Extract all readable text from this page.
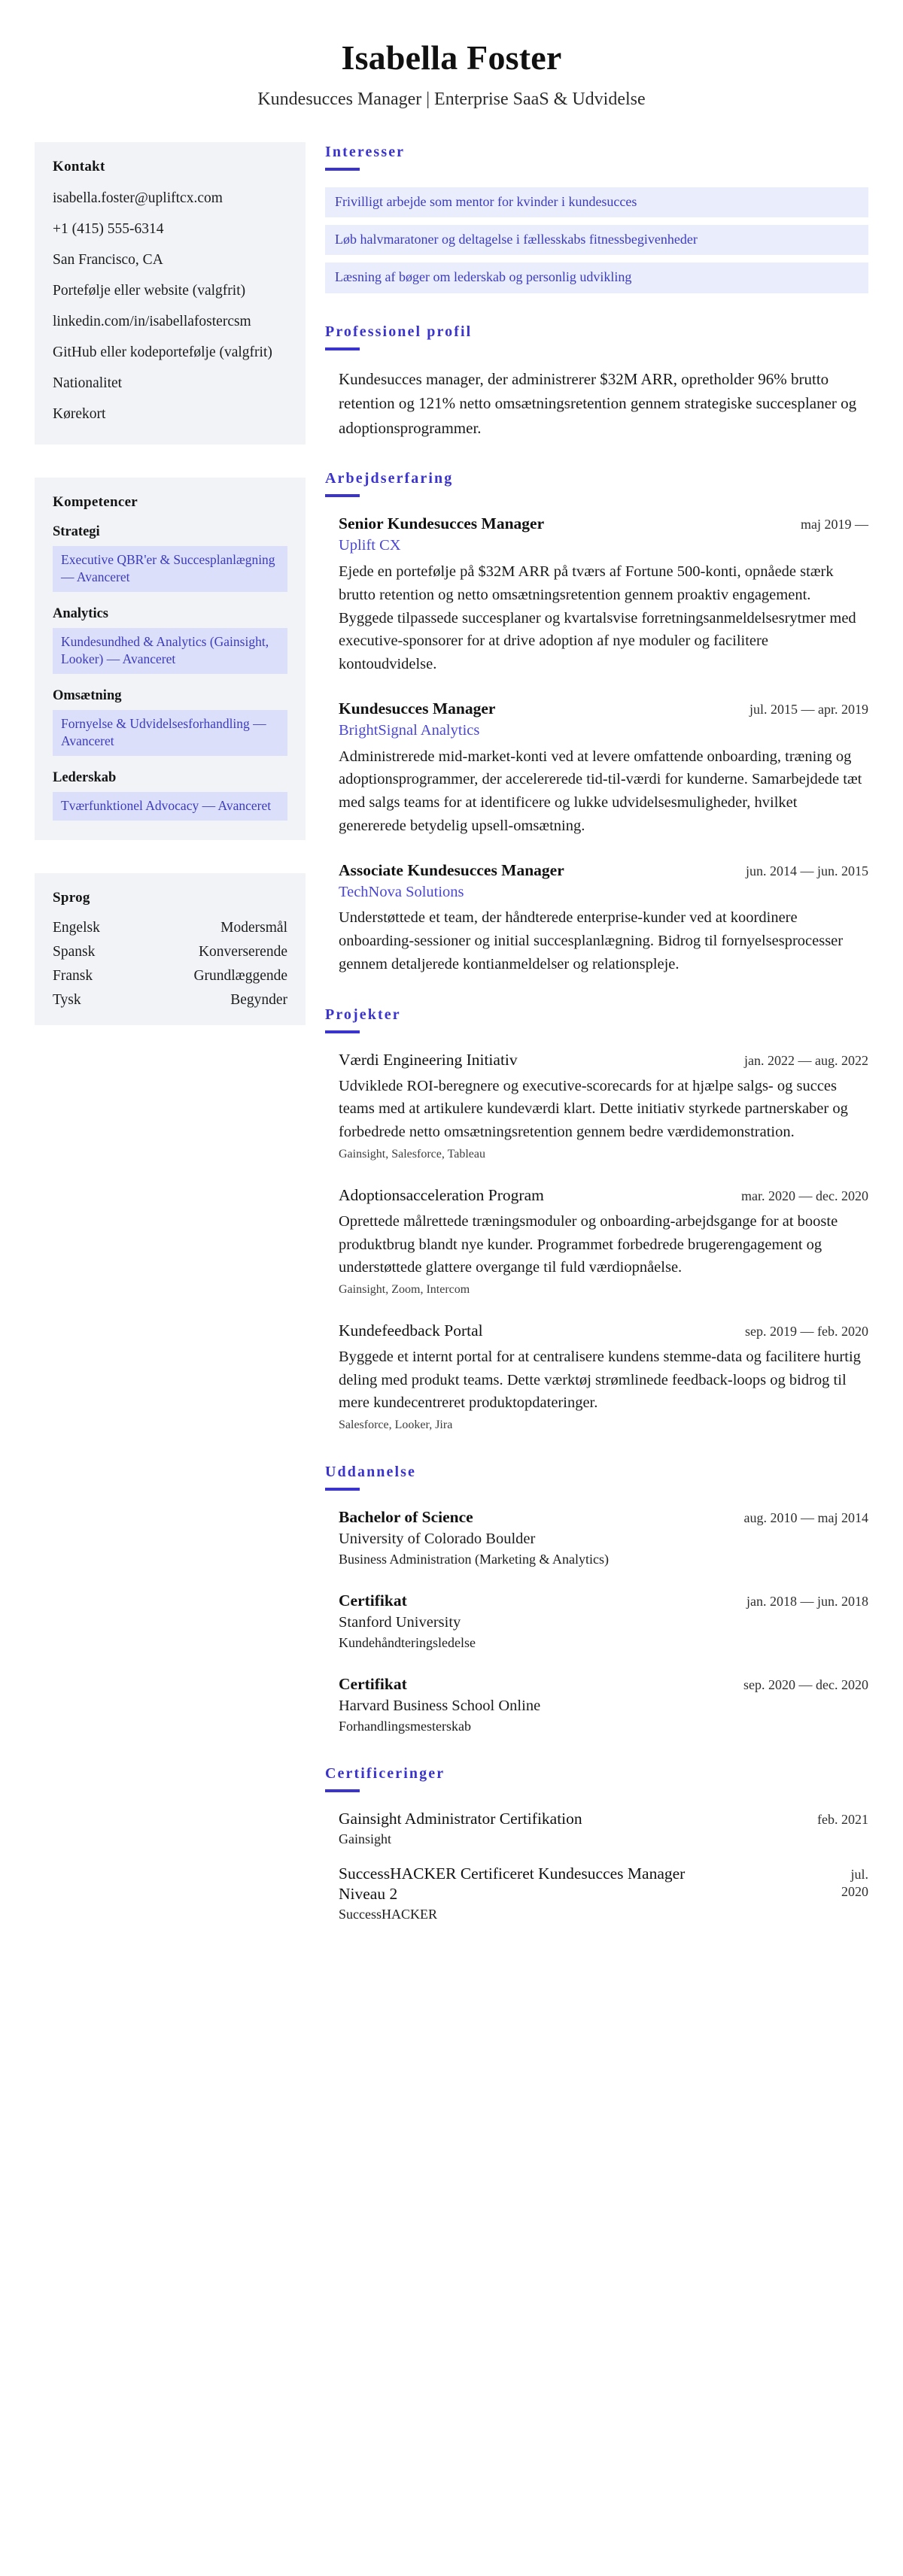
Isabella Foster
Kundesucces Manager | Enterprise SaaS & Udvidelse
Kontakt
isabella.foster@upliftcx.com
+1 (415) 555-6314
San Francisco, CA
Portefølje eller website (valgfrit)
linkedin.com/in/isabellafostercsm
GitHub eller kodeportefølje (valgfrit)
Nationalitet
Kørekort
Kompetencer
Strategi
Executive QBR'er & Succesplanlægning — Avanceret
Analytics
Kundesundhed & Analytics (Gainsight, Looker) — Avanceret
Omsætning
Fornyelse & Udvidelsesforhandling — Avanceret
Lederskab
Tværfunktionel Advocacy — Avanceret
Sprog
Engelsk	Modersmål
Spansk	Konverserende
Fransk	Grundlæggende
Tysk	Begynder
Interesser
Frivilligt arbejde som mentor for kvinder i kundesucces
Løb halvmaratoner og deltagelse i fællesskabs fitnessbegivenheder
Læsning af bøger om lederskab og personlig udvikling
Professionel profil
Kundesucces manager, der administrerer $32M ARR, opretholder 96% brutto retention og 121% netto omsætningsretention gennem strategiske succesplaner og adoptionsprogrammer.
Arbejdserfaring
Senior Kundesucces Manager	maj 2019 —
Uplift CX
Ejede en portefølje på $32M ARR på tværs af Fortune 500-konti, opnåede stærk brutto retention og netto omsætningsretention gennem proaktiv engagement. Byggede tilpassede succesplaner og kvartalsvise forretningsanmeldelsesrytmer med executive-sponsorer for at drive adoption af nye moduler og facilitere kontoudvidelse.
Kundesucces Manager	jul. 2015 — apr. 2019
BrightSignal Analytics
Administrerede mid-market-konti ved at levere omfattende onboarding, træning og adoptionsprogrammer, der accelererede tid-til-værdi for kunderne. Samarbejdede tæt med salgs teams for at identificere og lukke udvidelsesmuligheder, hvilket genererede betydelig upsell-omsætning.
Associate Kundesucces Manager	jun. 2014 — jun. 2015
TechNova Solutions
Understøttede et team, der håndterede enterprise-kunder ved at koordinere onboarding-sessioner og initial succesplanlægning. Bidrog til fornyelsesprocesser gennem detaljerede kontianmeldelser og relationspleje.
Projekter
Værdi Engineering Initiativ	jan. 2022 — aug. 2022
Udviklede ROI-beregnere og executive-scorecards for at hjælpe salgs- og succes teams med at artikulere kundeværdi klart. Dette initiativ styrkede partnerskaber og forbedrede netto omsætningsretention gennem bedre værdidemonstration.
Gainsight, Salesforce, Tableau
Adoptionsacceleration Program	mar. 2020 — dec. 2020
Oprettede målrettede træningsmoduler og onboarding-arbejdsgange for at booste produktbrug blandt nye kunder. Programmet forbedrede brugerengagement og understøttede glattere overgange til fuld værdiopnåelse.
Gainsight, Zoom, Intercom
Kundefeedback Portal	sep. 2019 — feb. 2020
Byggede et internt portal for at centralisere kundens stemme-data og facilitere hurtig deling med produkt teams. Dette værktøj strømlinede feedback-loops og bidrog til mere kundecentreret produktopdateringer.
Salesforce, Looker, Jira
Uddannelse
Bachelor of Science
University of Colorado Boulder
Business Administration (Marketing & Analytics)
aug. 2010 — maj 2014
Certifikat
Stanford University
Kundehåndteringsledelse
jan. 2018 — jun. 2018
Certifikat
Harvard Business School Online
Forhandlingsmesterskab
sep. 2020 — dec. 2020
Certificeringer
Gainsight Administrator Certifikation
Gainsight
feb. 2021
SuccessHACKER Certificeret Kundesucces Manager Niveau 2
SuccessHACKER
jul. 2020
